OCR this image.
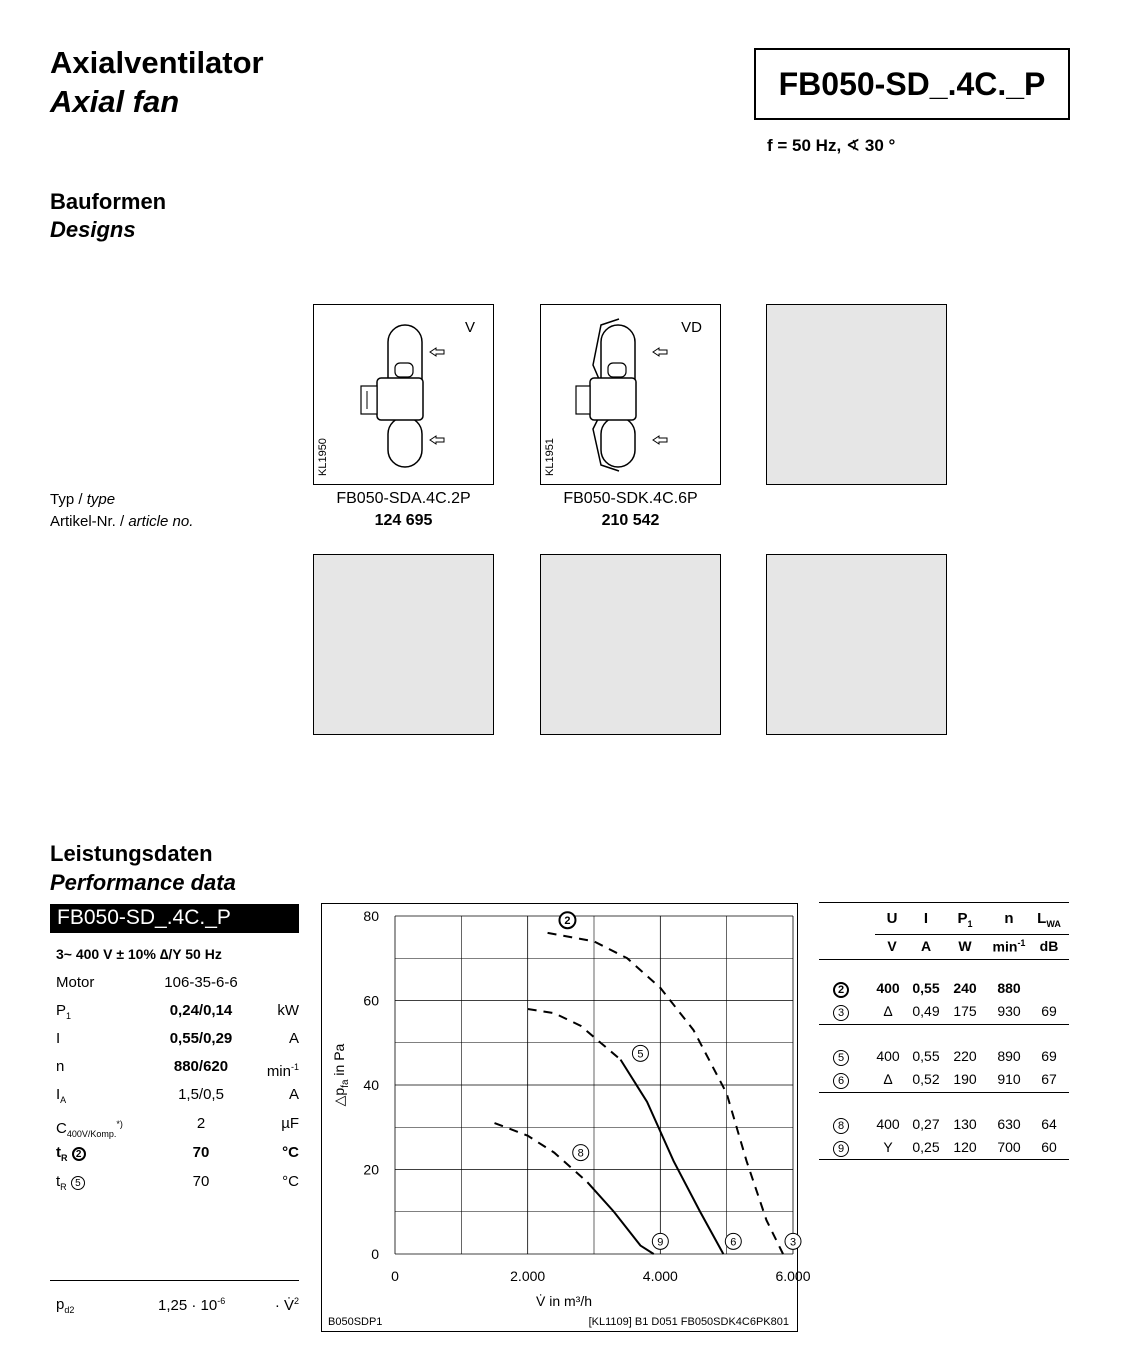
Axialventilator
Axial fan	FB050-SD_.4C._P
f = 50 Hz, ∢ 30 °
Bauformen
Designs
V
KL1950
VD
KL1951
Typ / type
Artikel-Nr. / article no.
FB050-SDA.4C.2P
124 695
FB050-SDK.4C.6P
210 542
Leistungsdaten
Performance data
FB050-SD_.4C._P
3~ 400 V ± 10% ∆/Y 50 Hz
Motor	106-35-6-6
$P_1$	0,24/0,14	kW
I	0,55/0,29	A
n	880/620	$\min^{-1}$
$I_A$	1,5/0,5	A
$C_{400V/Komp.}^{*)}$	2	µF
$t_R$ 2	70	°C
$t_R$ 5	70	°C
$p_{d2}$	$1,25 \cdot 10^{-6}$	· V̇$^2$
0
20
40
60
80
0	2.000	4.000	6.000
V̇ in m³/h
$\triangle p_{fa}$ in Pa
2
5
8
9	6	3
B050SDP1	[KL1109] B1 D051 FB050SDK4C6PK801
U	I	$P_1$	n	$L_{WA}$
V	A	W	$\min^{-1}$	dB
2	400 0,55 240	880
3	∆	0,49 175	930	69
5	400 0,55 220	890	69
6	∆	0,52 190	910	67
8	400 0,27 130	630	64
9	Y	0,25 120	700	60
